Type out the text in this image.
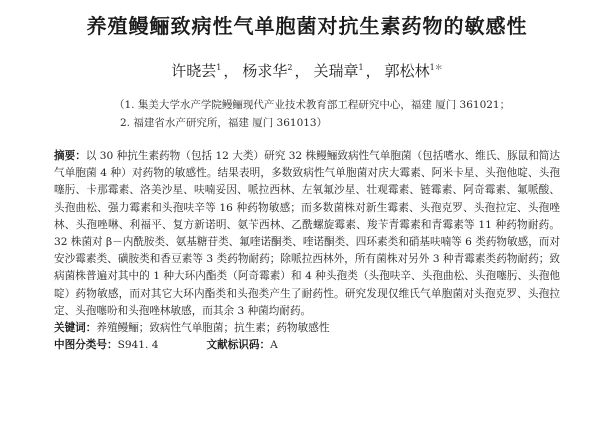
养殖鳗鲡致病性气单胞菌对抗生素药物的敏感性
许晓芸$^1$ ， 杨求华$^2$ ， 关瑞章$^1$ ， 郭松林$^{1*}$
（1. 集美大学水产学院鳗鲡现代产业技术教育部工程研究中心，福建 厦门 361021；
2. 福建省水产研究所，福建 厦门 361013）
摘要：以 30 种抗生素药物（包括 12 大类）研究 32 株鳗鲡致病性气单胞菌（包括嗜水、维氏、豚鼠和简达气单胞菌 4 种）对药物的敏感性。结果表明，多数致病性气单胞菌对庆大霉素、阿米卡星、头孢他啶、头孢噻肟、卡那霉素、洛美沙星、呋喃妥因、哌拉西林、左氧氟沙星、壮观霉素、链霉素、阿奇霉素、氟哌酸、头孢曲松、强力霉素和头孢呋辛等 16 种药物敏感；而多数菌株对新生霉素、头孢克罗、头孢拉定、头孢唑林、头孢唑啉、利福平、复方新诺明、氨苄西林、乙酰螺旋霉素、羧苄青霉素和青霉素等 11 种药物耐药。32 株菌对 β－内酰胺类、氨基糖苷类、氟喹诺酮类、喹诺酮类、四环素类和硝基呋喃等 6 类药物敏感，而对安沙霉素类、磺胺类和香豆素等 3 类药物耐药；除哌拉西林外，所有菌株对另外 3 种青霉素类药物耐药；致病菌株普遍对其中的 1 种大环内酯类（阿奇霉素）和 4 种头孢类（头孢呋辛、头孢曲松、头孢噻肟、头孢他啶）药物敏感，而对其它大环内酯类和头孢类产生了耐药性。研究发现仅维氏气单胞菌对头孢克罗、头孢拉定、头孢噻吩和头孢唑林敏感，而其余 3 种菌均耐药。
关键词：养殖鳗鲡；致病性气单胞菌；抗生素；药物敏感性
中图分类号：S941. 4	文献标识码：A
